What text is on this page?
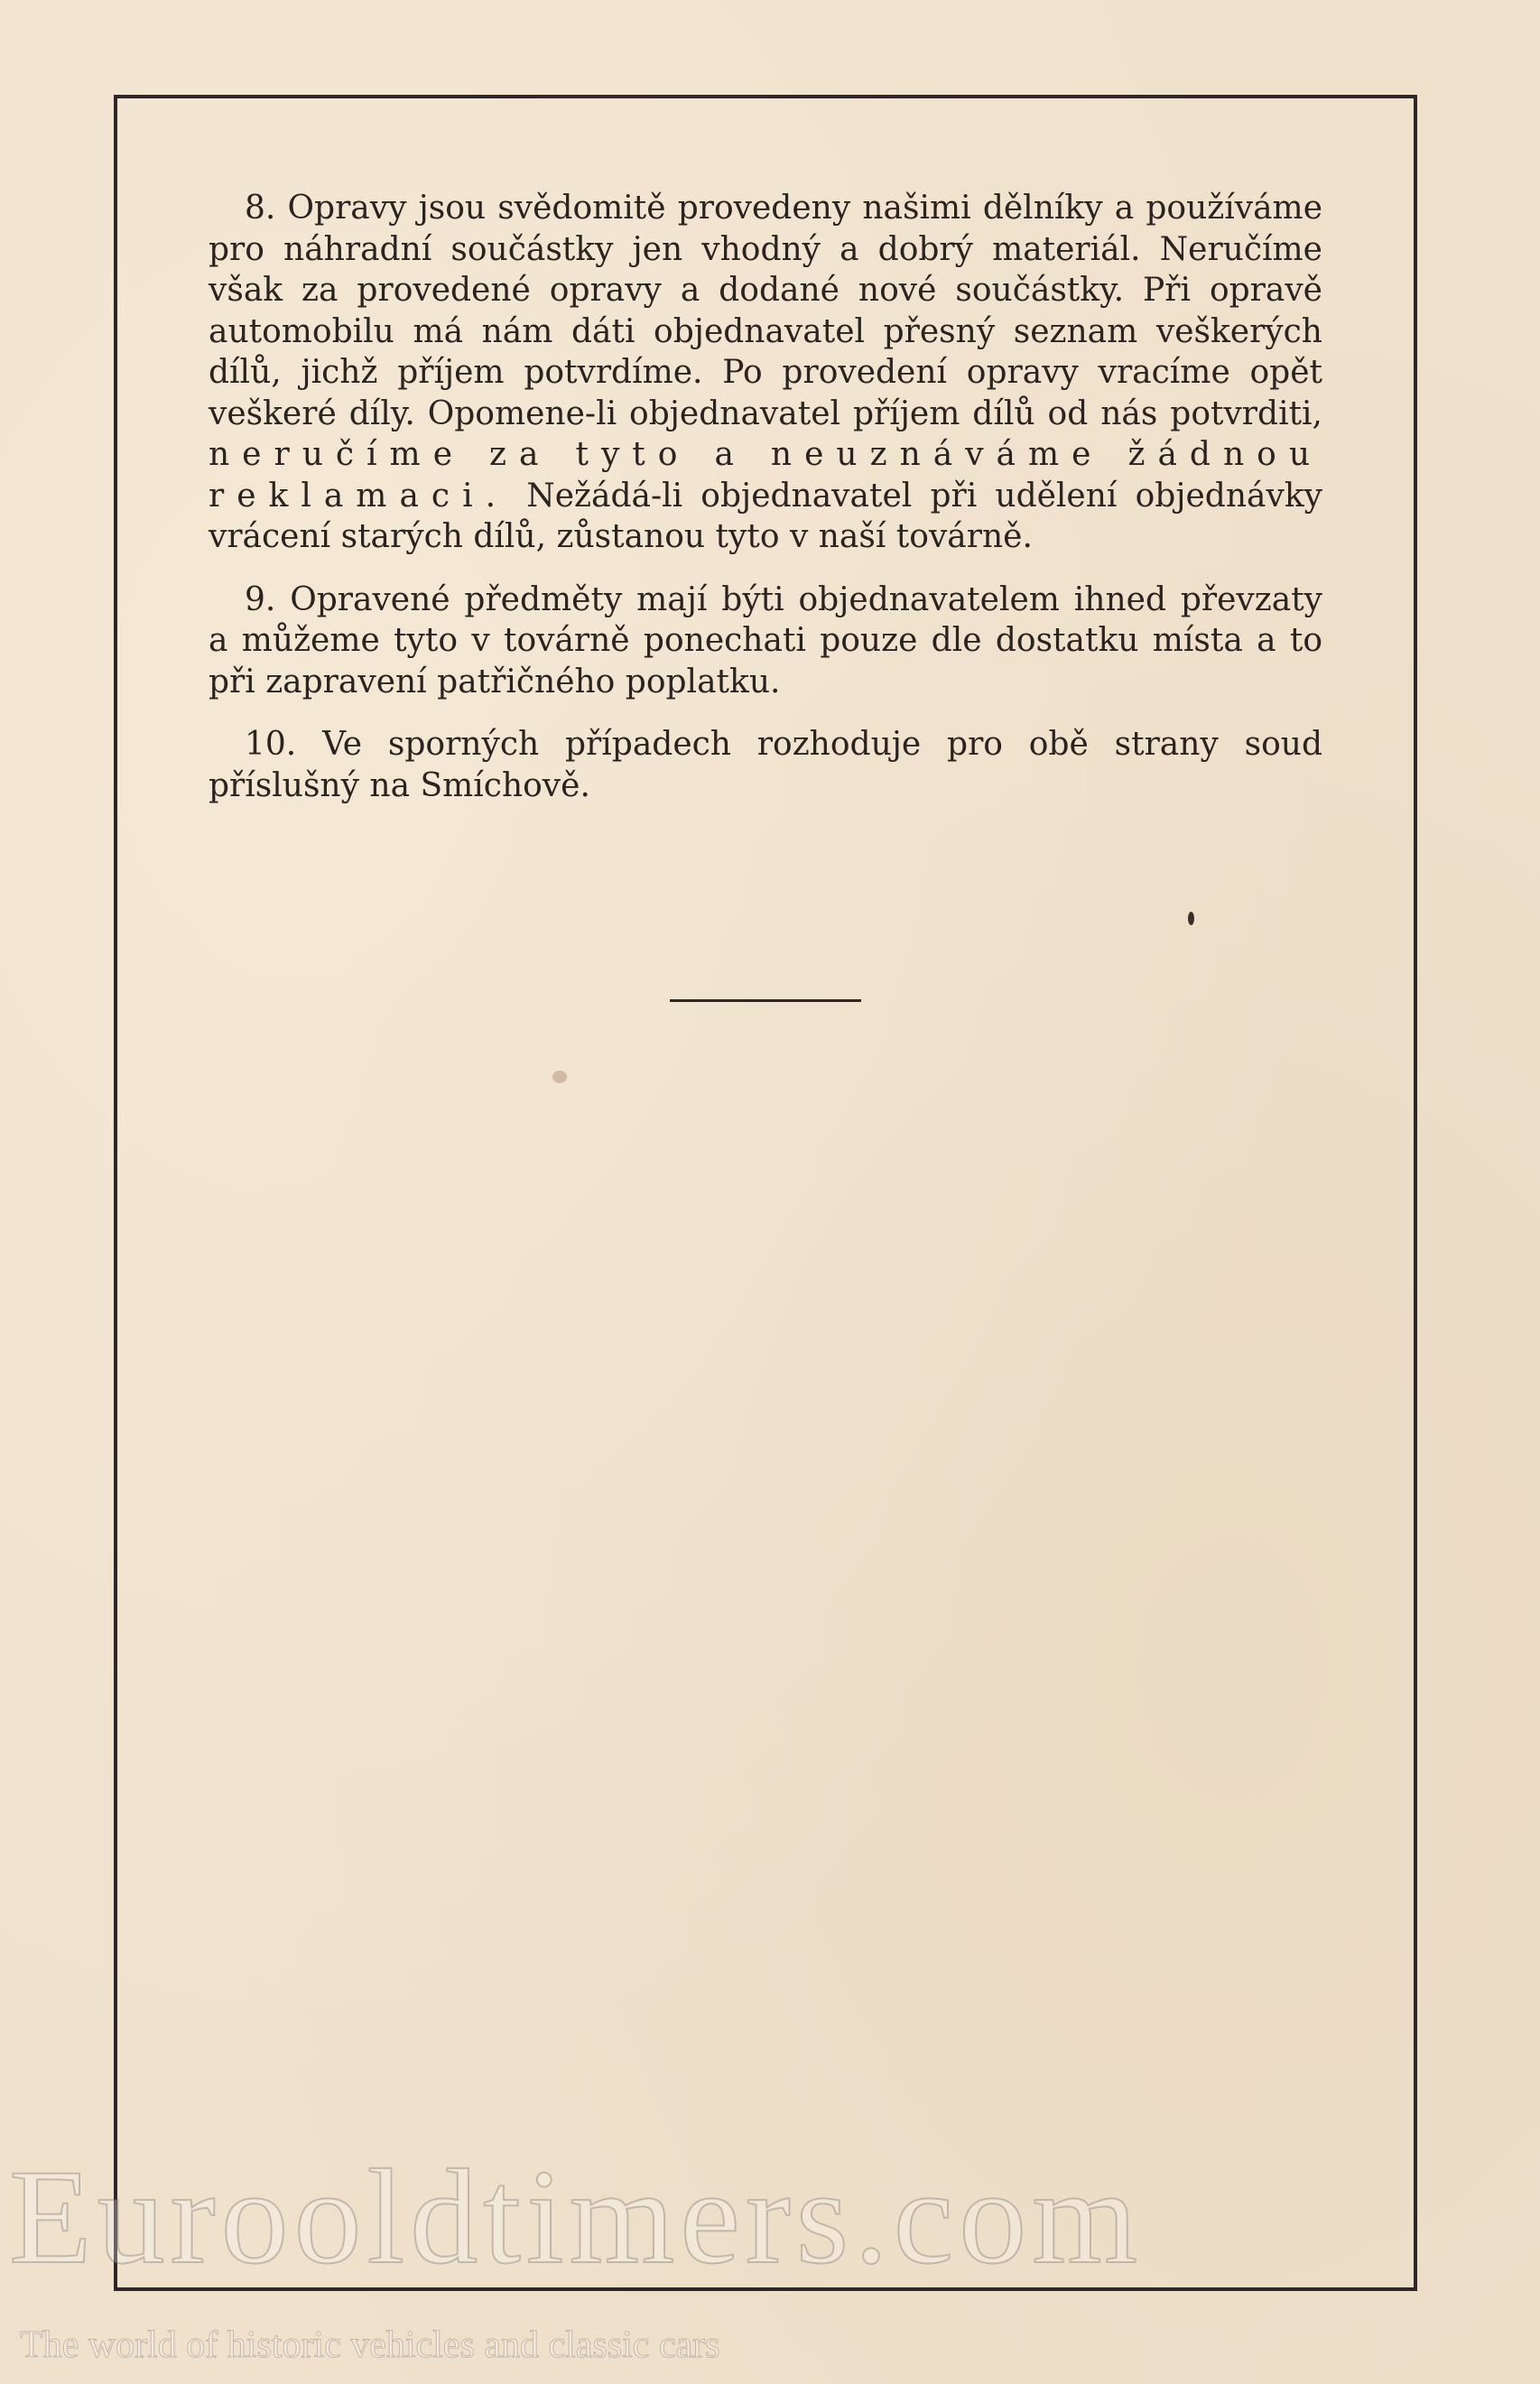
8. Opravy jsou svědomitě provedeny našimi dělníky a používáme pro náhradní součástky jen vhodný a dobrý materiál. Neručíme však za provedené opravy a dodané nové součástky. Při opravě automobilu má nám dáti objednavatel přesný seznam veškerých dílů, jichž příjem potvrdíme. Po provedení opravy vracíme opět veškeré díly. Opomene-li objednavatel příjem dílů od nás potvrditi, neručíme za tyto a neuznáváme žádnou reklamaci. Nežádá-li objednavatel při udělení objednávky vrácení starých dílů, zůstanou tyto v naší továrně.

9. Opravené předměty mají býti objednavatelem ihned převzaty a můžeme tyto v továrně ponechati pouze dle dostatku místa a to při zapravení patřičného poplatku.

10. Ve sporných případech rozhoduje pro obě strany soud příslušný na Smíchově.

Eurooldtimers.com
The world of historic vehicles and classic cars
